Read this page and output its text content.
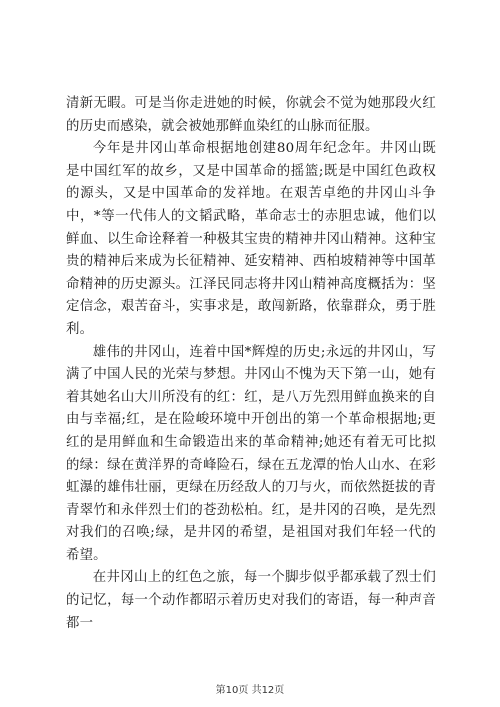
清新无暇。可是当你走进她的时候，你就会不觉为她那段火红的历史而感染，就会被她那鲜血染红的山脉而征服。

今年是井冈山革命根据地创建80周年纪念年。井冈山既是中国红军的故乡，又是中国革命的摇篮;既是中国红色政权的源头，又是中国革命的发祥地。在艰苦卓绝的井冈山斗争中，*等一代伟人的文韬武略，革命志士的赤胆忠诚，他们以鲜血、以生命诠释着一种极其宝贵的精神井冈山精神。这种宝贵的精神后来成为长征精神、延安精神、西柏坡精神等中国革命精神的历史源头。江泽民同志将井冈山精神高度概括为：坚定信念，艰苦奋斗，实事求是，敢闯新路，依靠群众，勇于胜利。

雄伟的井冈山，连着中国*辉煌的历史;永远的井冈山，写满了中国人民的光荣与梦想。井冈山不愧为天下第一山，她有着其她名山大川所没有的红：红，是八万先烈用鲜血换来的自由与幸福;红，是在险峻环境中开创出的第一个革命根据地;更红的是用鲜血和生命锻造出来的革命精神;她还有着无可比拟的绿：绿在黄洋界的奇峰险石，绿在五龙潭的怡人山水、在彩虹瀑的雄伟壮丽，更绿在历经敌人的刀与火，而依然挺拔的青青翠竹和永伴烈士们的苍劲松柏。红，是井冈的召唤，是先烈对我们的召唤;绿，是井冈的希望，是祖国对我们年轻一代的希望。

在井冈山上的红色之旅，每一个脚步似乎都承载了烈士们的记忆，每一个动作都昭示着历史对我们的寄语，每一种声音都一

第10页 共12页
